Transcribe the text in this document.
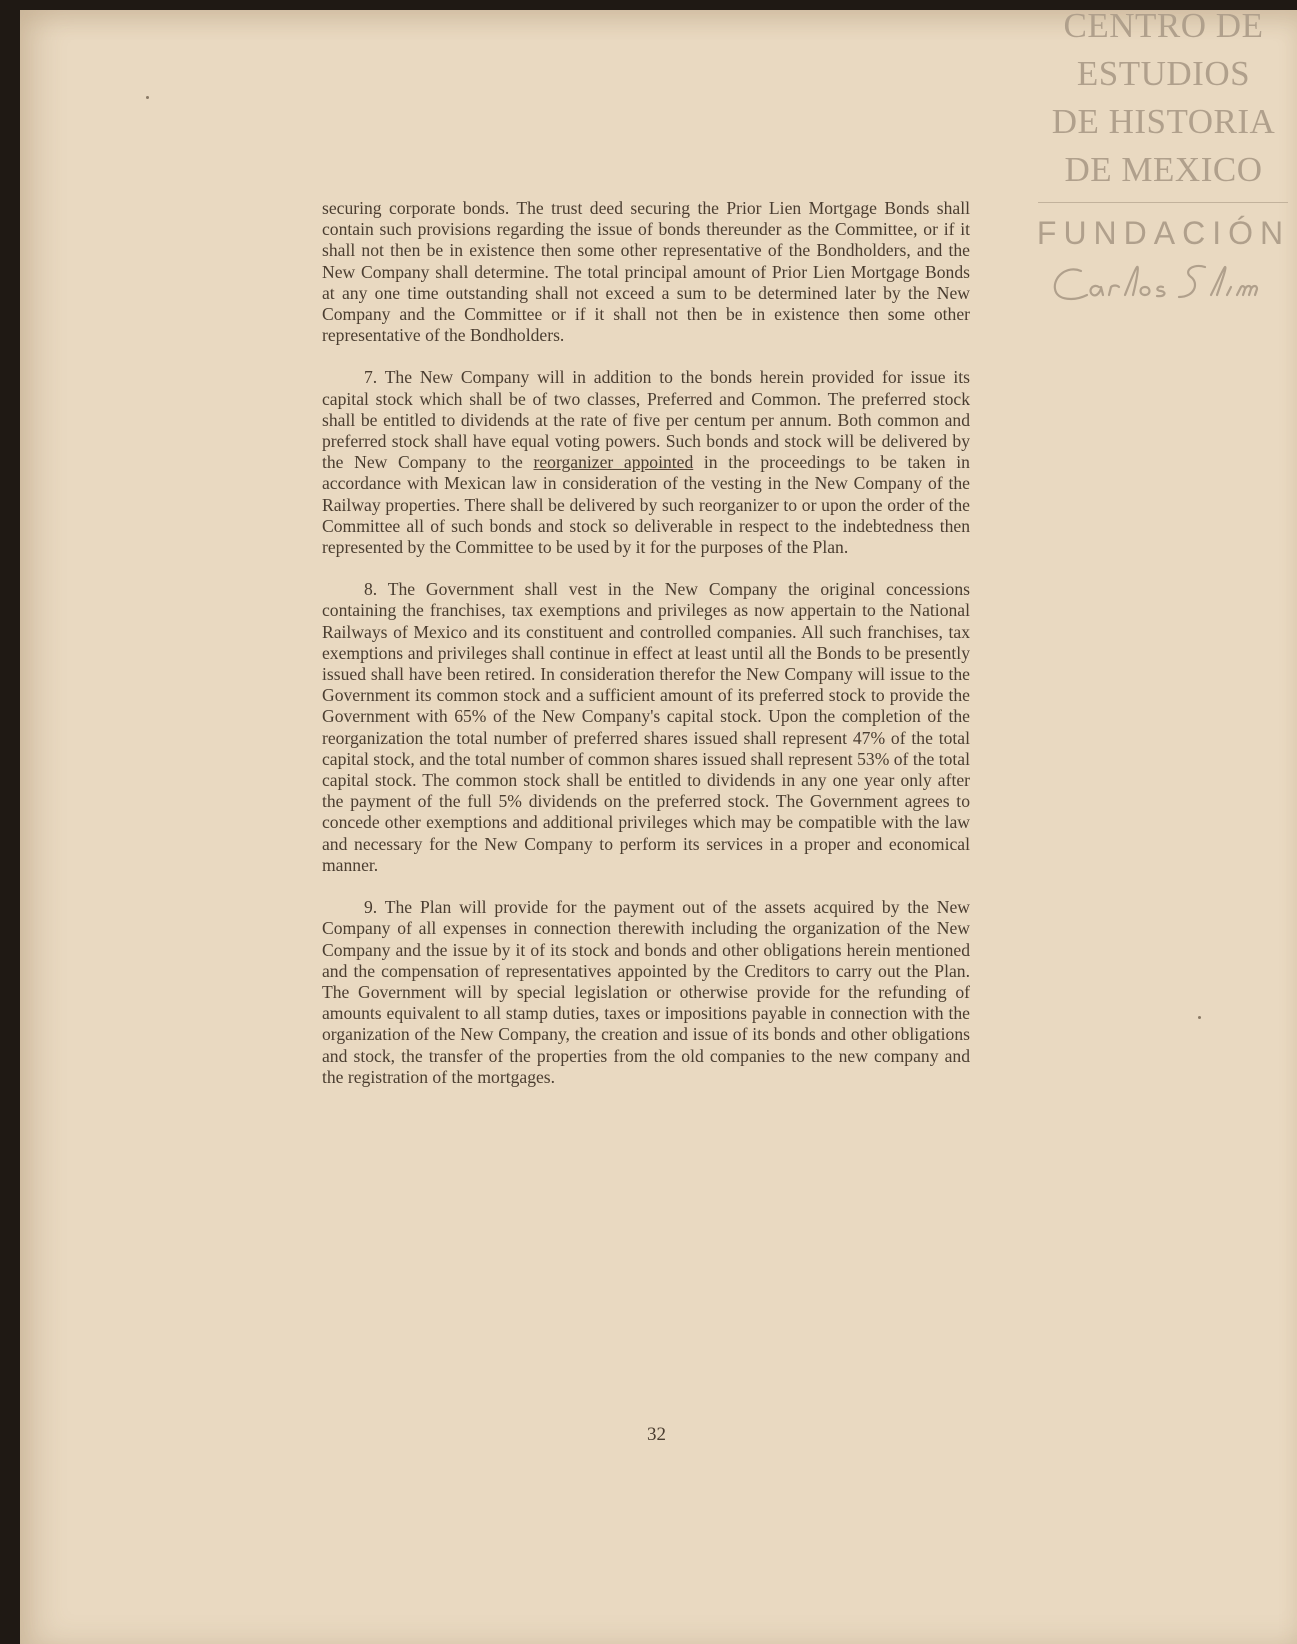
CENTRO DE
ESTUDIOS
DE HISTORIA
DE MEXICO
FUNDACIÓN

securing corporate bonds. The trust deed securing the Prior Lien Mortgage Bonds shall contain such provisions regarding the issue of bonds thereunder as the Committee, or if it shall not then be in existence then some other representative of the Bondholders, and the New Company shall determine. The total principal amount of Prior Lien Mortgage Bonds at any one time outstanding shall not exceed a sum to be determined later by the New Company and the Committee or if it shall not then be in existence then some other representative of the Bondholders.

7. The New Company will in addition to the bonds herein provided for issue its capital stock which shall be of two classes, Preferred and Common. The preferred stock shall be entitled to dividends at the rate of five per centum per annum. Both common and preferred stock shall have equal voting powers. Such bonds and stock will be delivered by the New Company to the reorganizer appointed in the proceedings to be taken in accordance with Mexican law in consideration of the vesting in the New Company of the Railway properties. There shall be delivered by such reorganizer to or upon the order of the Committee all of such bonds and stock so deliverable in respect to the indebtedness then represented by the Committee to be used by it for the purposes of the Plan.

8. The Government shall vest in the New Company the original concessions containing the franchises, tax exemptions and privileges as now appertain to the National Railways of Mexico and its constituent and controlled companies. All such franchises, tax exemptions and privileges shall continue in effect at least until all the Bonds to be presently issued shall have been retired. In consideration therefor the New Company will issue to the Government its common stock and a sufficient amount of its preferred stock to provide the Government with 65% of the New Company's capital stock. Upon the completion of the reorganization the total number of preferred shares issued shall represent 47% of the total capital stock, and the total number of common shares issued shall represent 53% of the total capital stock. The common stock shall be entitled to dividends in any one year only after the payment of the full 5% dividends on the preferred stock. The Government agrees to concede other exemptions and additional privileges which may be compatible with the law and necessary for the New Company to perform its services in a proper and economical manner.

9. The Plan will provide for the payment out of the assets acquired by the New Company of all expenses in connection therewith including the organization of the New Company and the issue by it of its stock and bonds and other obligations herein mentioned and the compensation of representatives appointed by the Creditors to carry out the Plan. The Government will by special legislation or otherwise provide for the refunding of amounts equivalent to all stamp duties, taxes or impositions payable in connection with the organization of the New Company, the creation and issue of its bonds and other obligations and stock, the transfer of the properties from the old companies to the new company and the registration of the mortgages.

32
